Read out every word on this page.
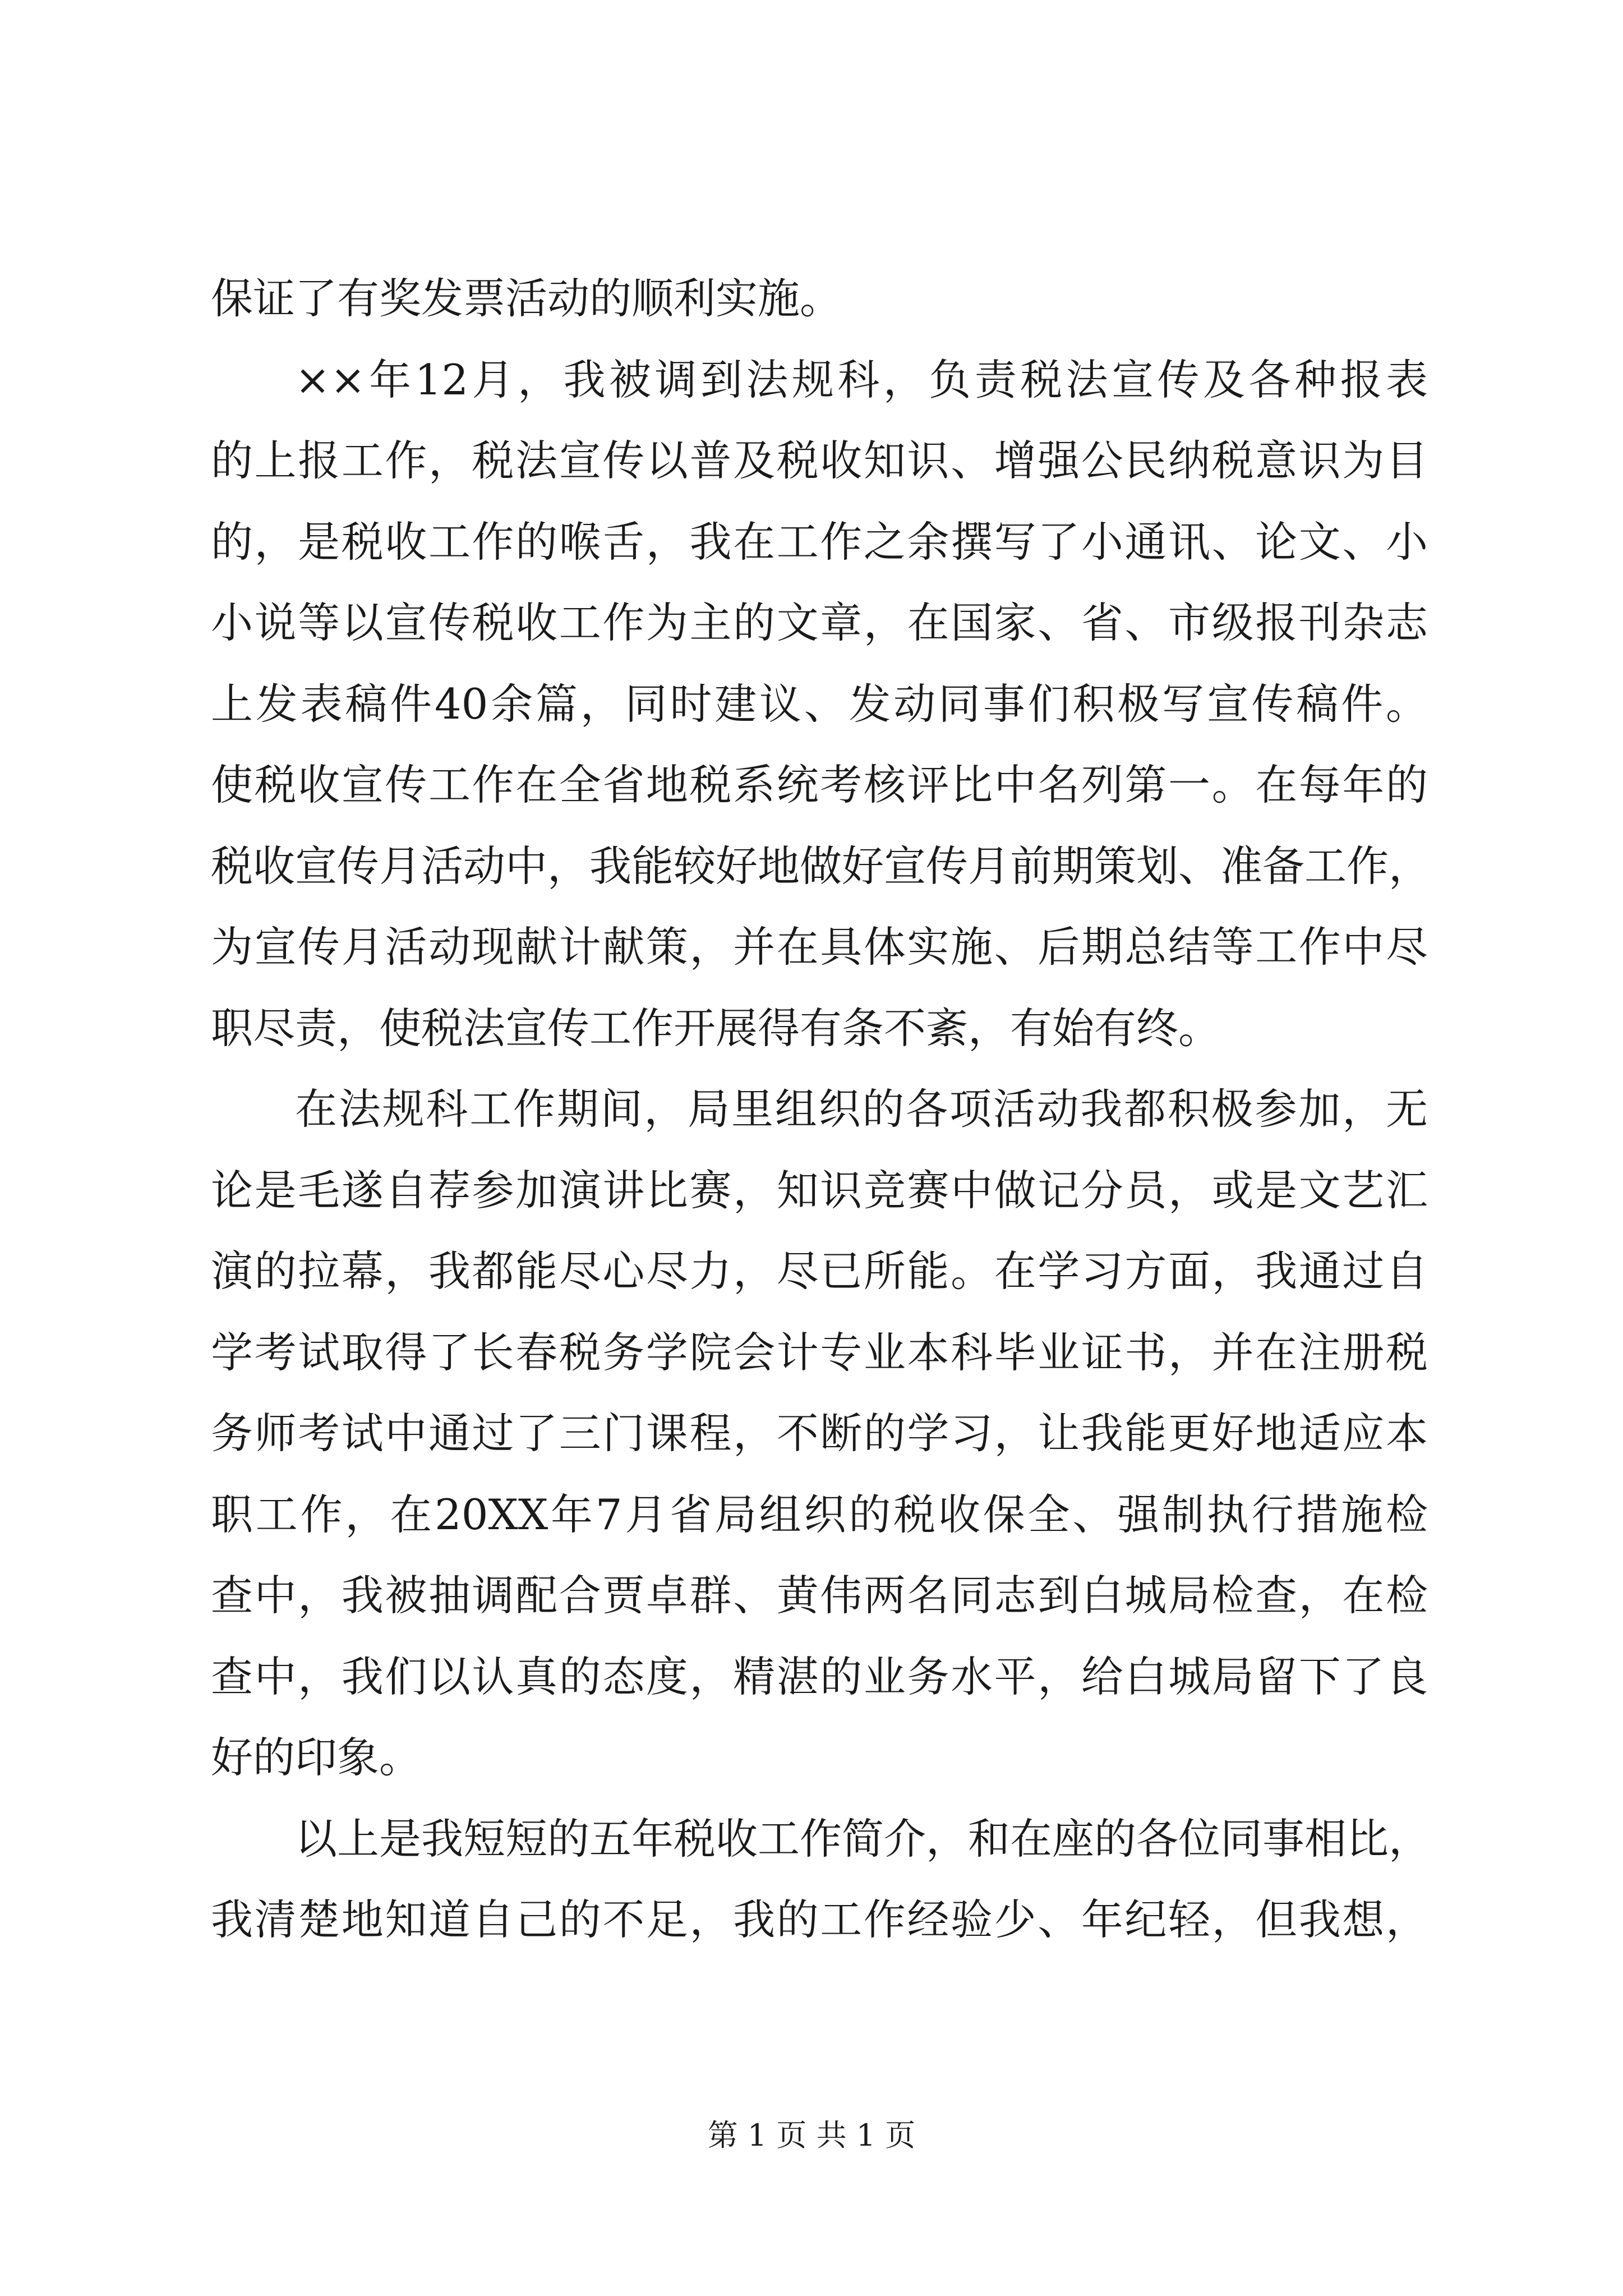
保证了有奖发票活动的顺利实施。
××年12月，我被调到法规科，负责税法宣传及各种报表
的上报工作，税法宣传以普及税收知识、增强公民纳税意识为目
的，是税收工作的喉舌，我在工作之余撰写了小通讯、论文、小
小说等以宣传税收工作为主的文章，在国家、省、市级报刊杂志
上发表稿件40余篇，同时建议、发动同事们积极写宣传稿件。
使税收宣传工作在全省地税系统考核评比中名列第一。在每年的
税收宣传月活动中，我能较好地做好宣传月前期策划、准备工作，
为宣传月活动现献计献策，并在具体实施、后期总结等工作中尽
职尽责，使税法宣传工作开展得有条不紊，有始有终。
在法规科工作期间，局里组织的各项活动我都积极参加，无
论是毛遂自荐参加演讲比赛，知识竞赛中做记分员，或是文艺汇
演的拉幕，我都能尽心尽力，尽已所能。在学习方面，我通过自
学考试取得了长春税务学院会计专业本科毕业证书，并在注册税
务师考试中通过了三门课程，不断的学习，让我能更好地适应本
职工作，在20XX年7月省局组织的税收保全、强制执行措施检
查中，我被抽调配合贾卓群、黄伟两名同志到白城局检查，在检
查中，我们以认真的态度，精湛的业务水平，给白城局留下了良
好的印象。
以上是我短短的五年税收工作简介，和在座的各位同事相比，
我清楚地知道自己的不足，我的工作经验少、年纪轻，但我想，
第 1 页 共 1 页
